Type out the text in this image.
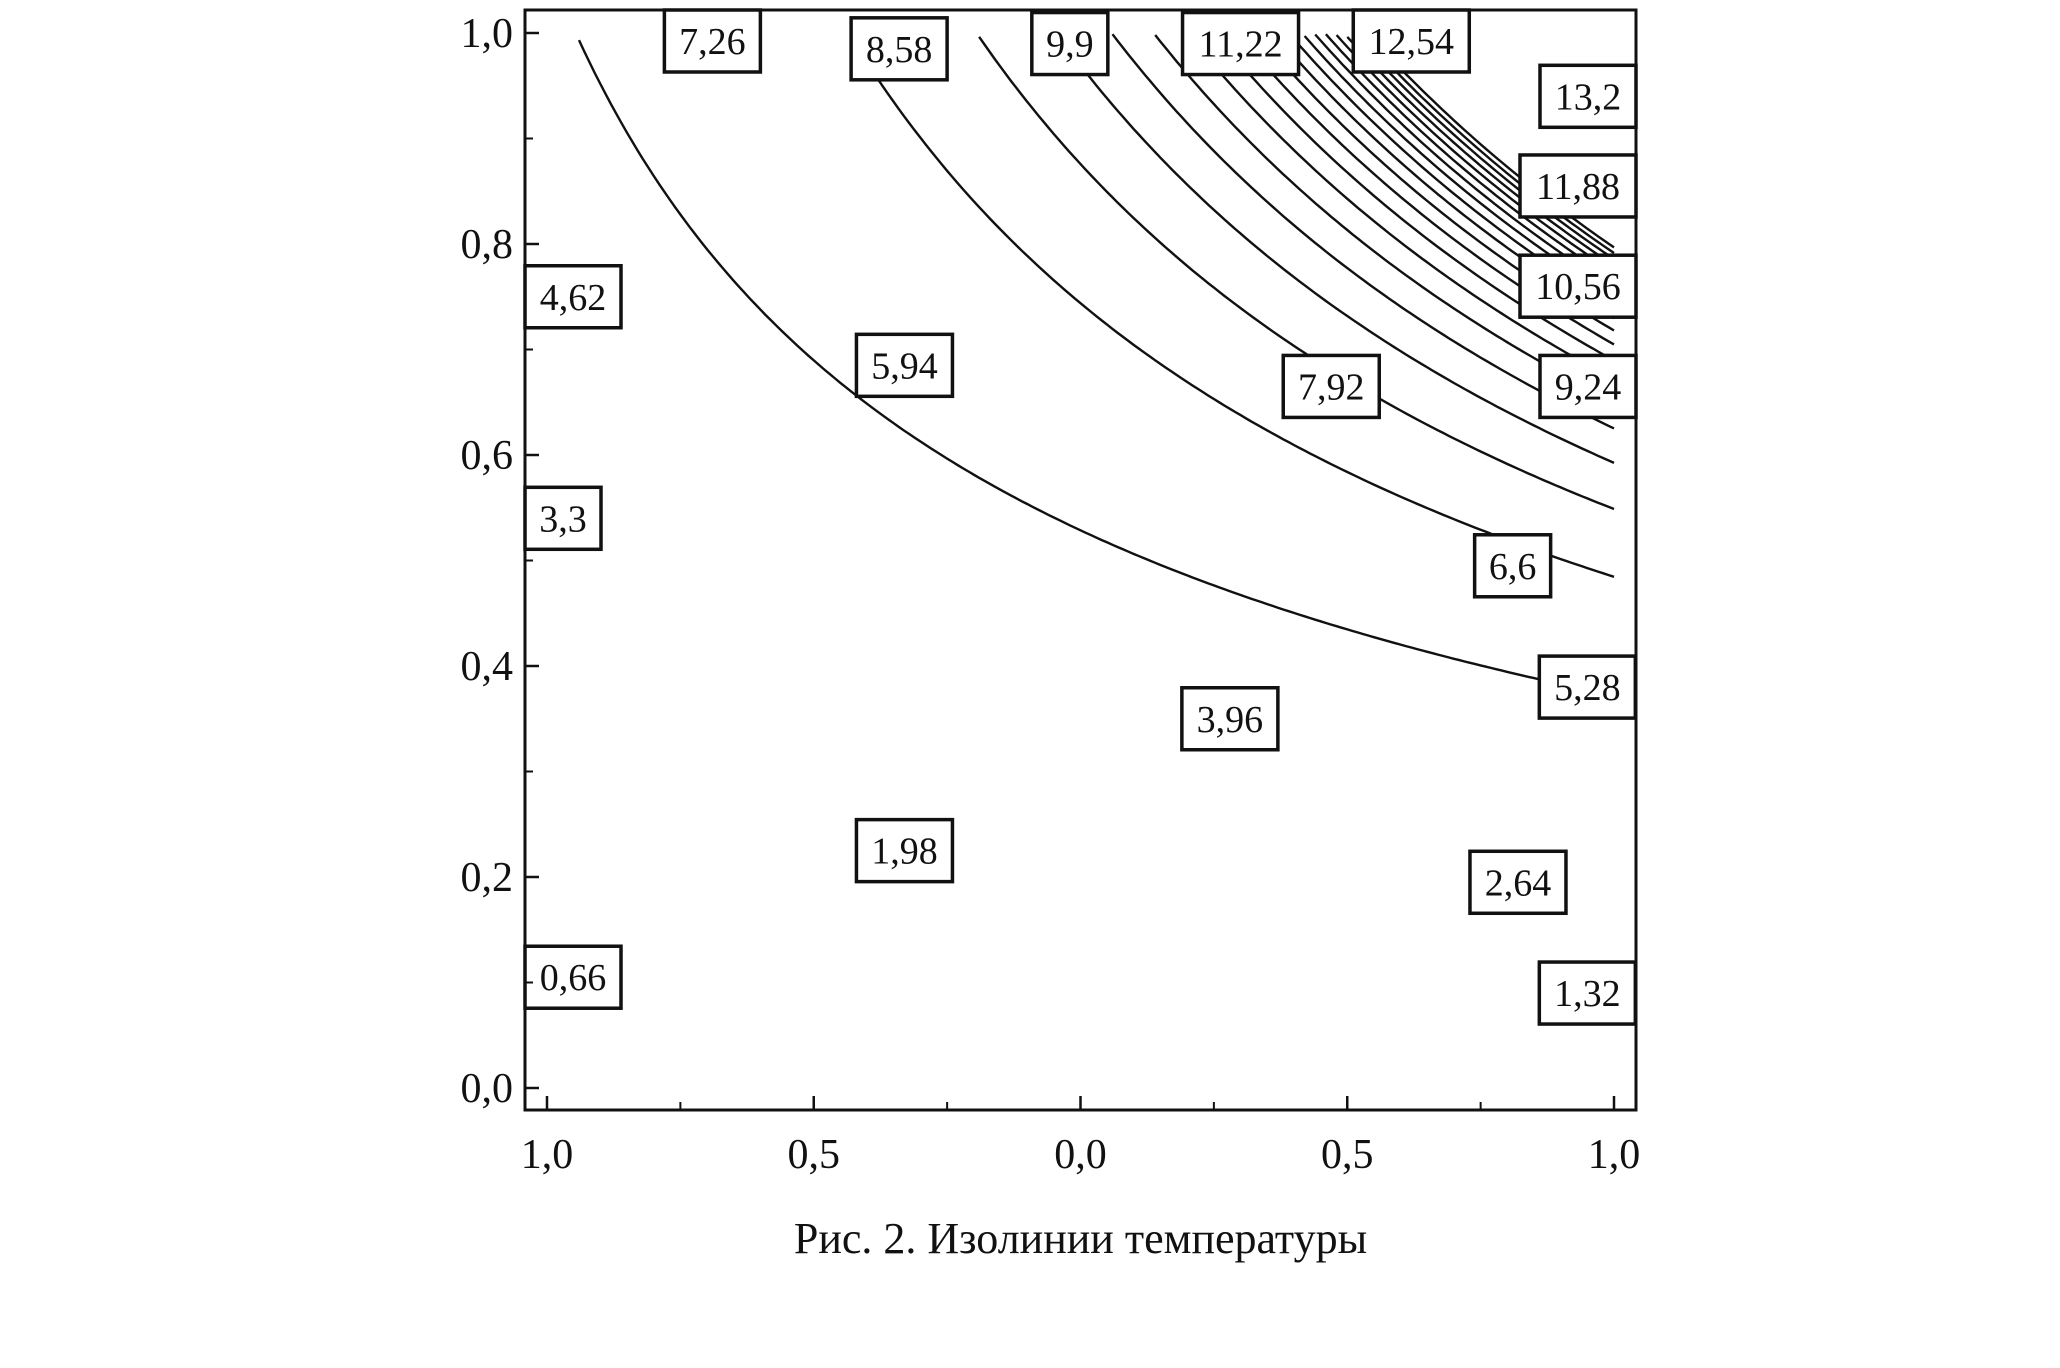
0,66	1,32
1,98
2,64
3,3
3,96
4,62
5,28
5,94
6,6
7,26
7,92
8,58
9,24
9,9
10,56
11,22
11,88
12,54
13,2
1,0	0,5	0,0	0,5	1,0
0,0
0,2
0,4
0,6
0,8
1,0
Рис. 2. Изолинии температуры
